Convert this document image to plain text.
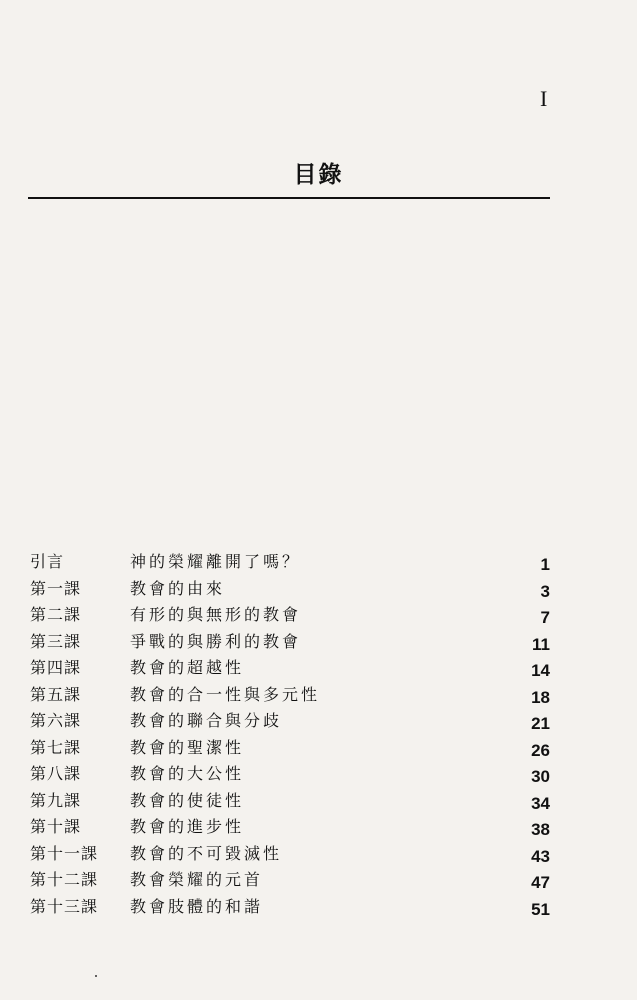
I
目錄
引言	神的榮耀離開了嗎？	1
第一課	教會的由來	3
第二課	有形的與無形的教會	7
第三課	爭戰的與勝利的教會	11
第四課	教會的超越性	14
第五課	教會的合一性與多元性	18
第六課	教會的聯合與分歧	21
第七課	教會的聖潔性	26
第八課	教會的大公性	30
第九課	教會的使徒性	34
第十課	教會的進步性	38
第十一課 教會的不可毀滅性	43
第十二課 教會榮耀的元首	47
第十三課 教會肢體的和諧	51
